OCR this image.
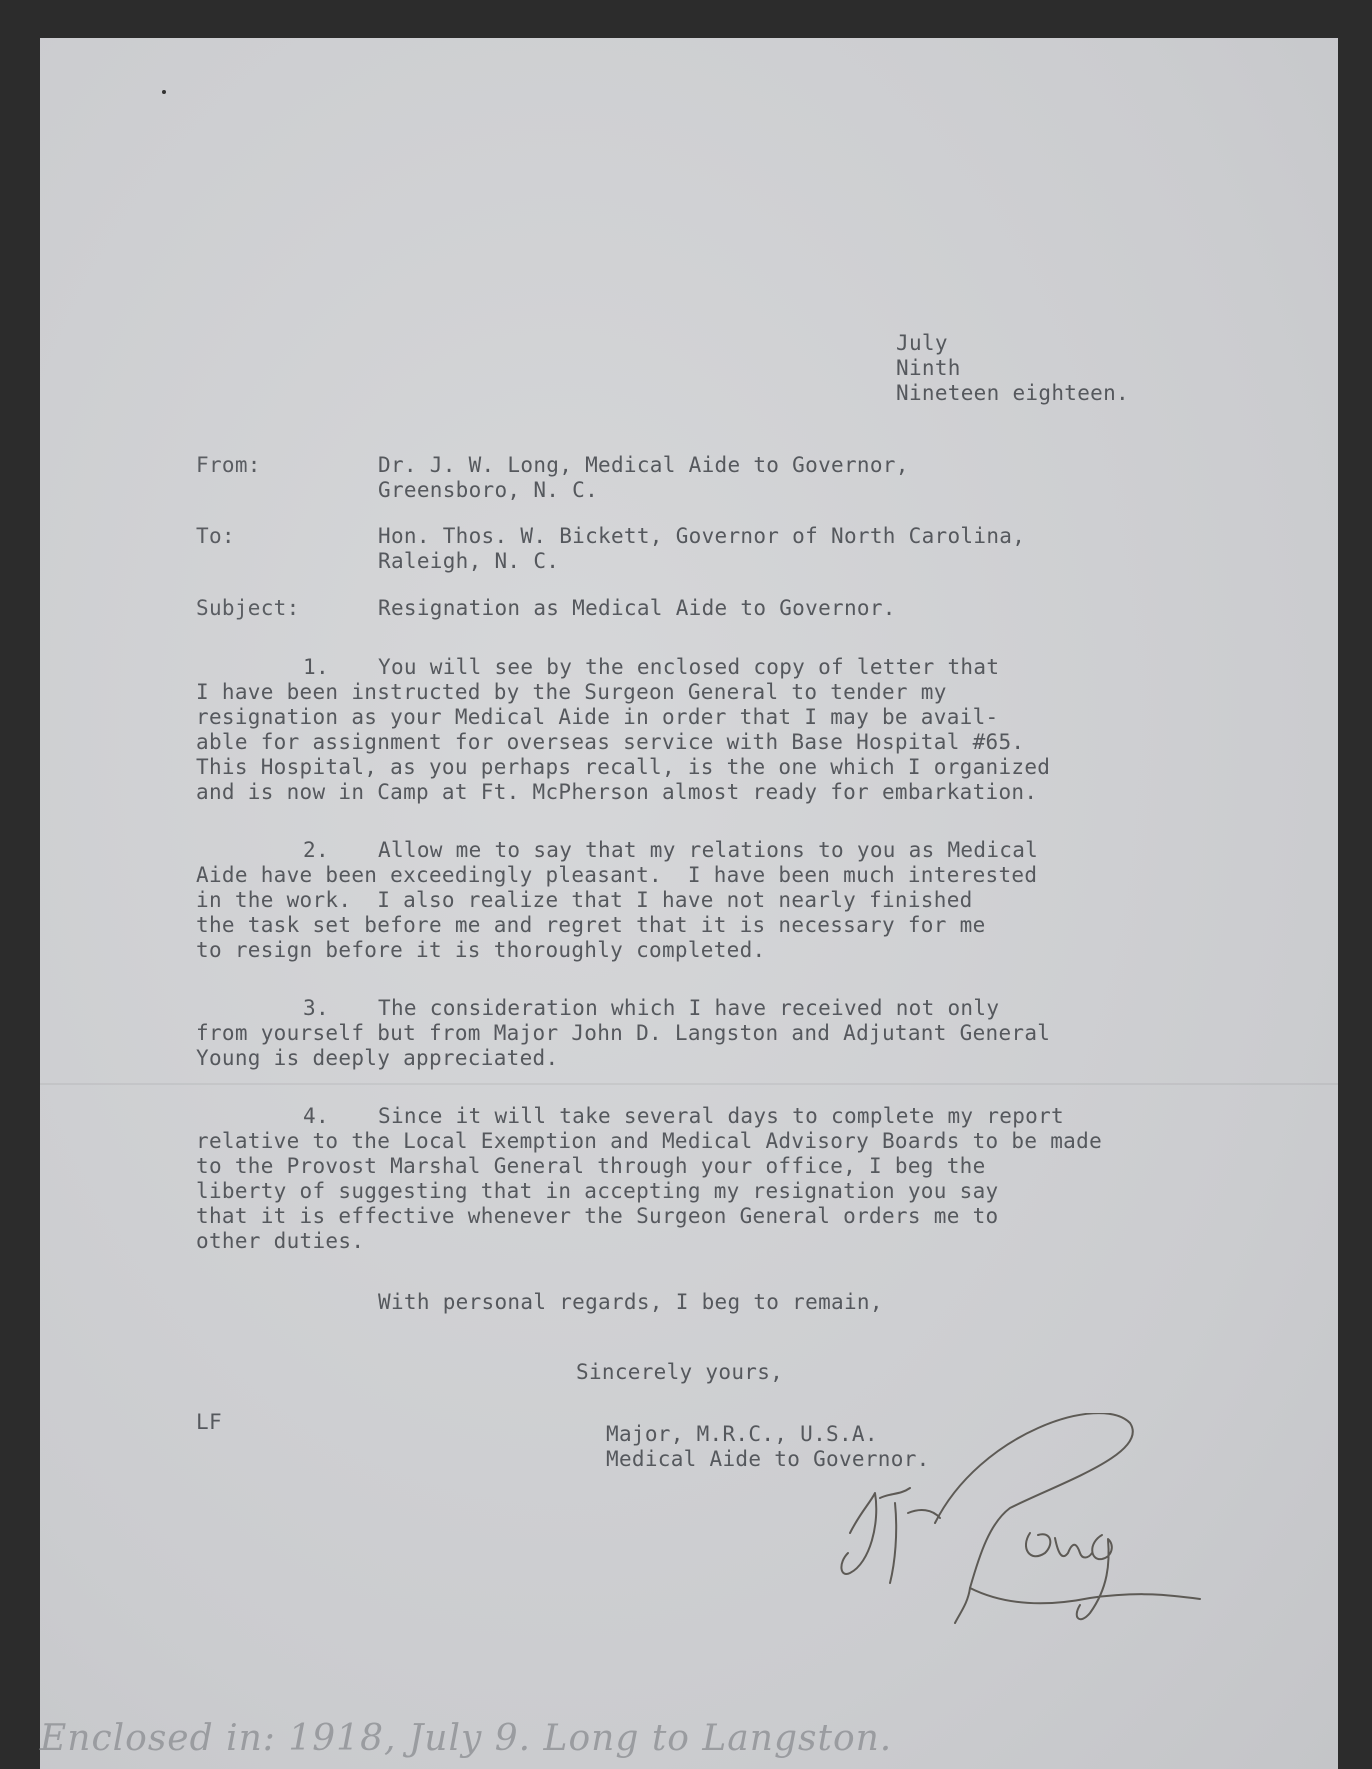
July
Ninth
Nineteen eighteen.
From:	Dr. J. W. Long, Medical Aide to Governor,
Greensboro, N. C.
To:	Hon. Thos. W. Bickett, Governor of North Carolina,
Raleigh, N. C.
Subject:	Resignation as Medical Aide to Governor.
1. You will see by the enclosed copy of letter that
I have been instructed by the Surgeon General to tender my
resignation as your Medical Aide in order that I may be avail-
able for assignment for overseas service with Base Hospital #65.
This Hospital, as you perhaps recall, is the one which I organized
and is now in Camp at Ft. McPherson almost ready for embarkation.
2. Allow me to say that my relations to you as Medical
Aide have been exceedingly pleasant.  I have been much interested
in the work.  I also realize that I have not nearly finished
the task set before me and regret that it is necessary for me
to resign before it is thoroughly completed.
3. The consideration which I have received not only
from yourself but from Major John D. Langston and Adjutant General
Young is deeply appreciated.
4. Since it will take several days to complete my report
relative to the Local Exemption and Medical Advisory Boards to be made
to the Provost Marshal General through your office, I beg the
liberty of suggesting that in accepting my resignation you say
that it is effective whenever the Surgeon General orders me to
other duties.
With personal regards, I beg to remain,
Sincerely yours,
LF	Major, M.R.C., U.S.A.
Medical Aide to Governor.
Enclosed in: 1918, July 9. Long to Langston.
